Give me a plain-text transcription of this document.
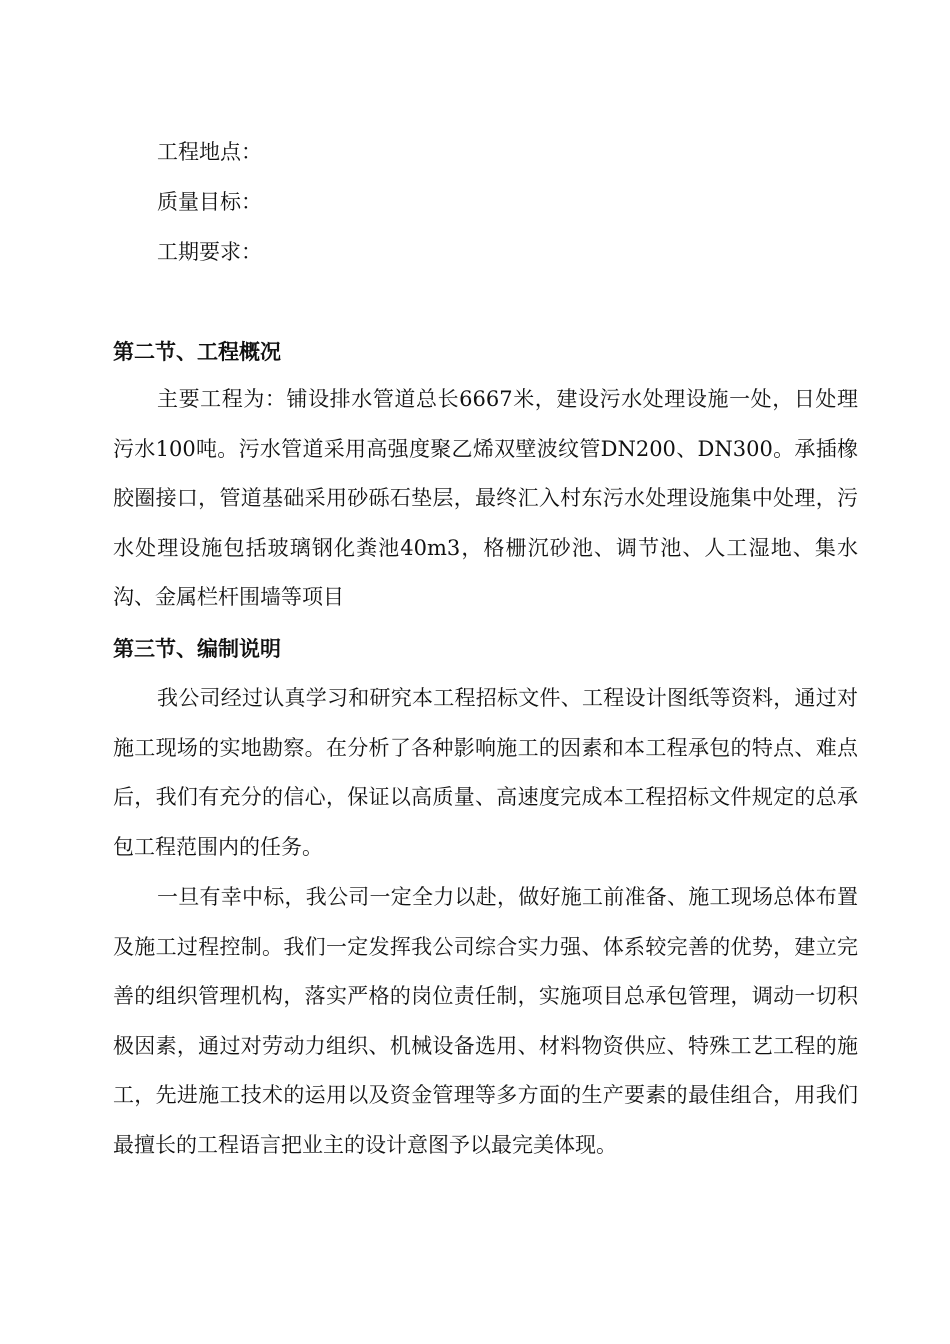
工程地点：
质量目标：
工期要求：
第二节、工程概况

主要工程为：铺设排水管道总长6667米，建设污水处理设施一处，日处理污水100吨。污水管道采用高强度聚乙烯双壁波纹管DN200、DN300。承插橡胶圈接口，管道基础采用砂砾石垫层，最终汇入村东污水处理设施集中处理，污水处理设施包括玻璃钢化粪池40m3，格栅沉砂池、调节池、人工湿地、集水沟、金属栏杆围墙等项目

第三节、编制说明

我公司经过认真学习和研究本工程招标文件、工程设计图纸等资料，通过对施工现场的实地勘察。在分析了各种影响施工的因素和本工程承包的特点、难点后，我们有充分的信心，保证以高质量、高速度完成本工程招标文件规定的总承包工程范围内的任务。

一旦有幸中标，我公司一定全力以赴，做好施工前准备、施工现场总体布置及施工过程控制。我们一定发挥我公司综合实力强、体系较完善的优势，建立完善的组织管理机构，落实严格的岗位责任制，实施项目总承包管理，调动一切积极因素，通过对劳动力组织、机械设备选用、材料物资供应、特殊工艺工程的施工，先进施工技术的运用以及资金管理等多方面的生产要素的最佳组合，用我们最擅长的工程语言把业主的设计意图予以最完美体现。
